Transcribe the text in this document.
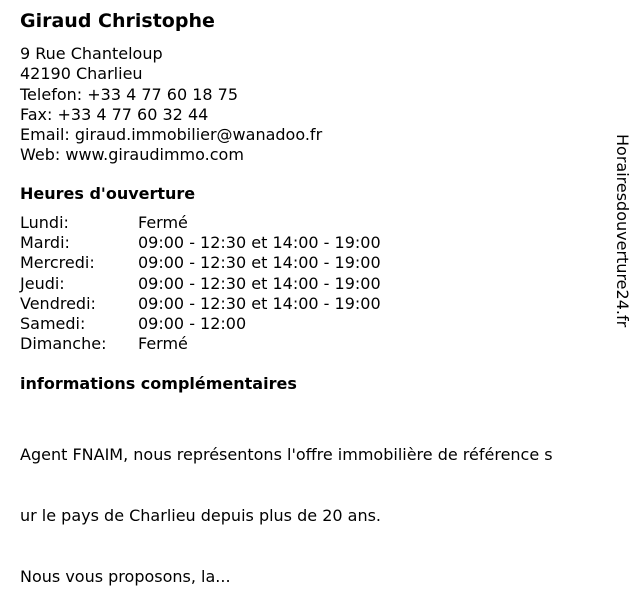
Giraud Christophe
9 Rue Chanteloup
42190 Charlieu
Telefon: +33 4 77 60 18 75
Fax: +33 4 77 60 32 44
Email: giraud.immobilier@wanadoo.fr
Web: www.giraudimmo.com
Heures d'ouverture
Lundi:	Fermé
Mardi:	09:00 - 12:30 et 14:00 - 19:00
Mercredi:	09:00 - 12:30 et 14:00 - 19:00
Jeudi:	09:00 - 12:30 et 14:00 - 19:00
Vendredi:	09:00 - 12:30 et 14:00 - 19:00
Samedi:	09:00 - 12:00
Dimanche:	Fermé
informations complémentaires

Agent FNAIM, nous représentons l'offre immobilière de référence s

ur le pays de Charlieu depuis plus de 20 ans.

Nous vous proposons, la...

Horairesdouverture24.fr
